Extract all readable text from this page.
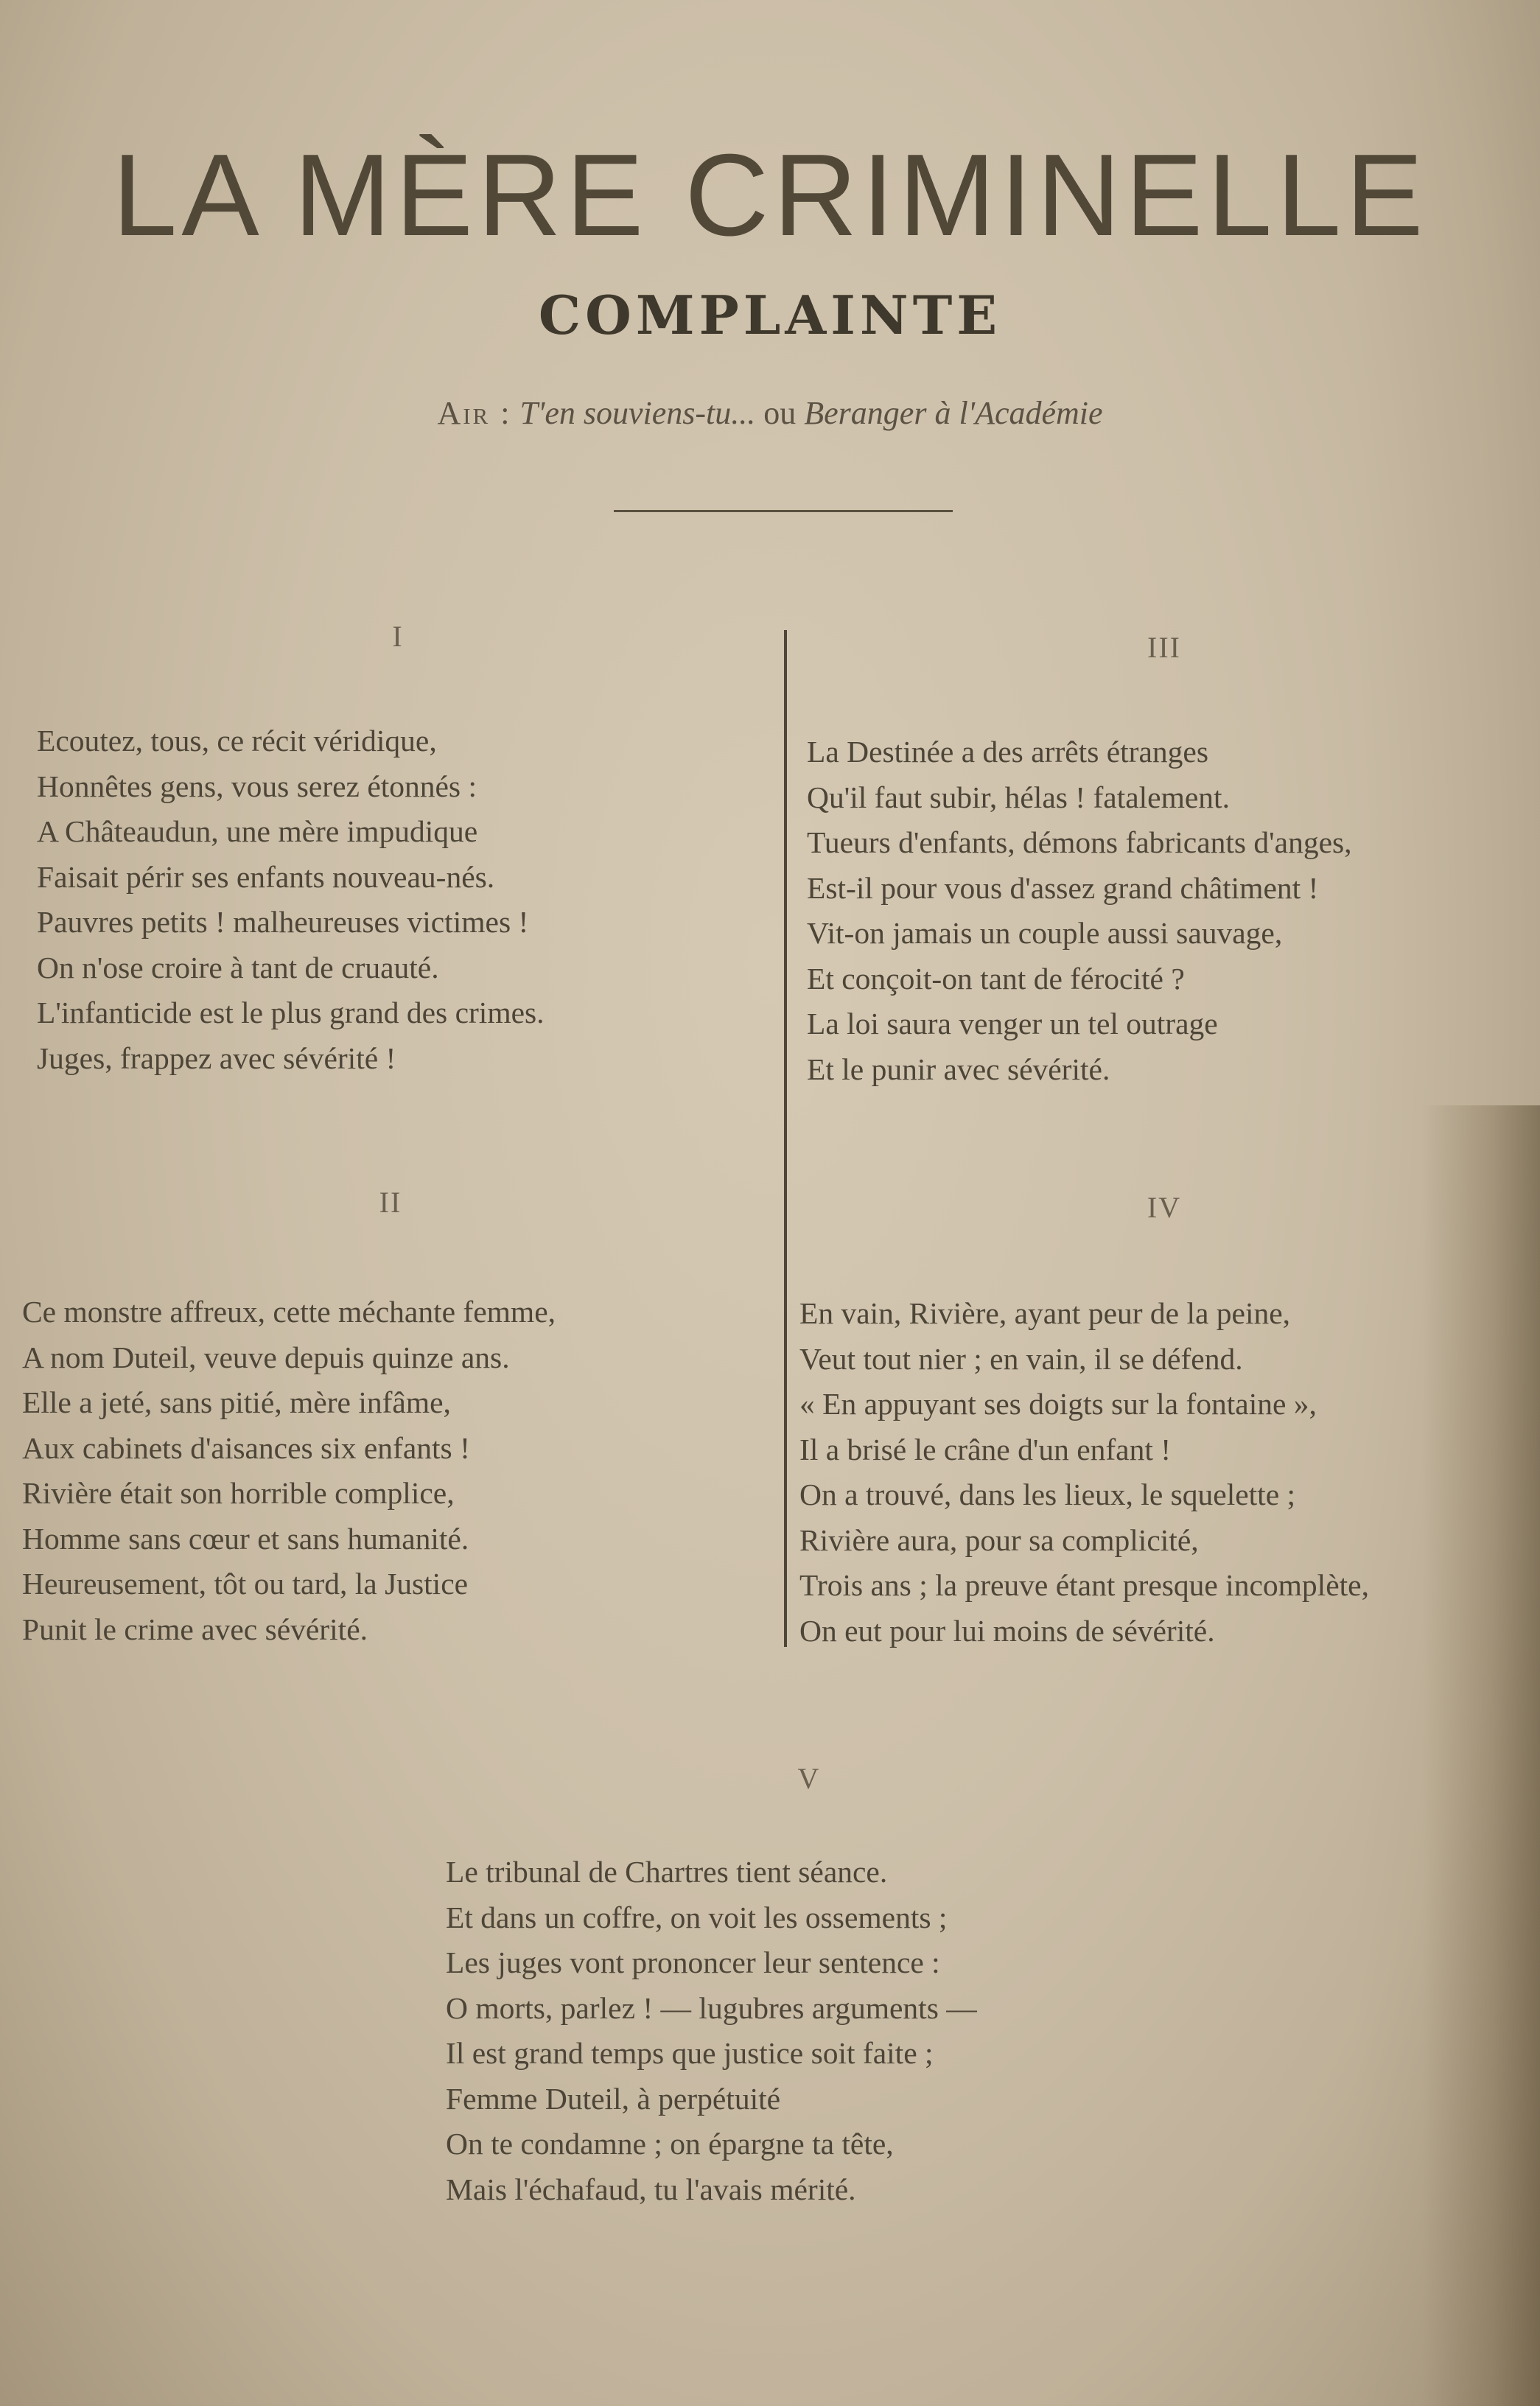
LA MÈRE CRIMINELLE
COMPLAINTE
Air : T'en souviens-tu... ou Beranger à l'Académie
I
Ecoutez, tous, ce récit véridique,
Honnêtes gens, vous serez étonnés :
A Châteaudun, une mère impudique
Faisait périr ses enfants nouveau-nés.
Pauvres petits ! malheureuses victimes !
On n'ose croire à tant de cruauté.
L'infanticide est le plus grand des crimes.
Juges, frappez avec sévérité !
II
Ce monstre affreux, cette méchante femme,
A nom Duteil, veuve depuis quinze ans.
Elle a jeté, sans pitié, mère infâme,
Aux cabinets d'aisances six enfants !
Rivière était son horrible complice,
Homme sans cœur et sans humanité.
Heureusement, tôt ou tard, la Justice
Punit le crime avec sévérité.
III
La Destinée a des arrêts étranges
Qu'il faut subir, hélas ! fatalement.
Tueurs d'enfants, démons fabricants d'anges,
Est-il pour vous d'assez grand châtiment !
Vit-on jamais un couple aussi sauvage,
Et conçoit-on tant de férocité ?
La loi saura venger un tel outrage
Et le punir avec sévérité.
IV
En vain, Rivière, ayant peur de la peine,
Veut tout nier ; en vain, il se défend.
« En appuyant ses doigts sur la fontaine »,
Il a brisé le crâne d'un enfant !
On a trouvé, dans les lieux, le squelette ;
Rivière aura, pour sa complicité,
Trois ans ; la preuve étant presque incomplète,
On eut pour lui moins de sévérité.
V
Le tribunal de Chartres tient séance.
Et dans un coffre, on voit les ossements ;
Les juges vont prononcer leur sentence :
O morts, parlez ! — lugubres arguments —
Il est grand temps que justice soit faite ;
Femme Duteil, à perpétuité
On te condamne ; on épargne ta tête,
Mais l'échafaud, tu l'avais mérité.
